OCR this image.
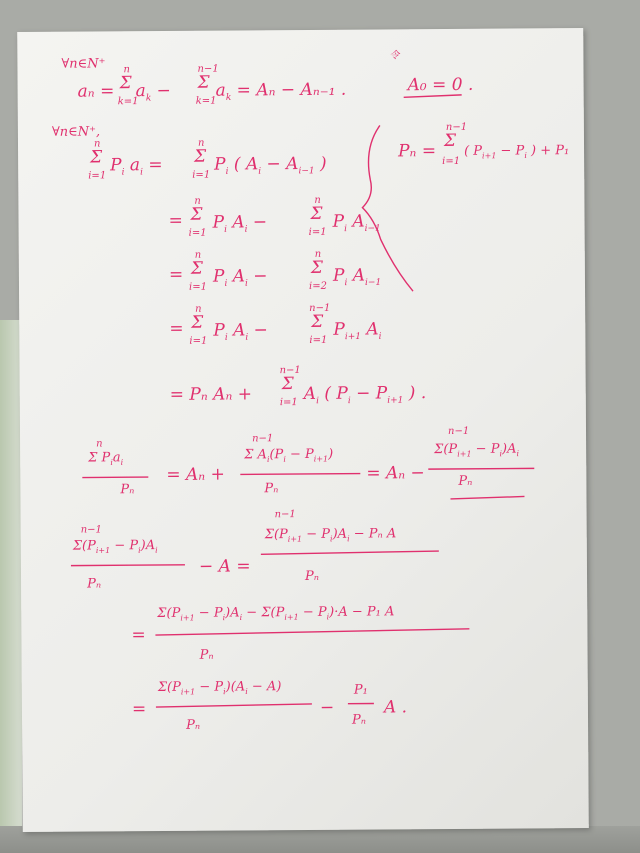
∀n∈N⁺
aₙ =
n
Σ
k=1
$a_k$ −
n−1
Σ
k=1
$a_k = A_n - A_{n-1}$ .
令
A₀ = 0 .
Pₙ =
n−1
Σ
i=1
( $P_{i+1} - P_i$ ) + P₁
∀n∈N⁺,
n
Σ
i=1
$P_i$ $a_i$ =
n
Σ
i=1
$P_i$ ( $A_i - A_{i-1}$ )
=
n
Σ
i=1
$P_i$ $A_i$ −
n
Σ
i=1
$P_i$ $A_{i-1}$
=
n
Σ
i=1
$P_i$ $A_i$ −
n
Σ
i=2
$P_i$ $A_{i-1}$
=
n
Σ
i=1
$P_i$ $A_i$ −
n−1
Σ
i=1
$P_{i+1}$ $A_i$
= Pₙ Aₙ +
n−1
Σ
i=1 $A_i$ ( $P_i - P_{i+1}$ ) .
n
Σ $P_ia_i$
Pₙ
= Aₙ +
n−1
Σ $A_i(P_i - P_{i+1})$
Pₙ
= Aₙ −
n−1
$\Sigma(P_{i+1} - P_i)A_i$
Pₙ
n−1
$\Sigma(P_{i+1} - P_i)A_i$
Pₙ
− A =
n−1
$\Sigma(P_{i+1} - P_i)A_i - P_n$ A
Pₙ
=
$\Sigma(P_{i+1} - P_i)A_i - \Sigma(P_{i+1} - P_i)\cdot A - P_1$ A
Pₙ
=
$\Sigma(P_{i+1} - P_i)(A_i - A)$
Pₙ
−
P₁
Pₙ
A .
